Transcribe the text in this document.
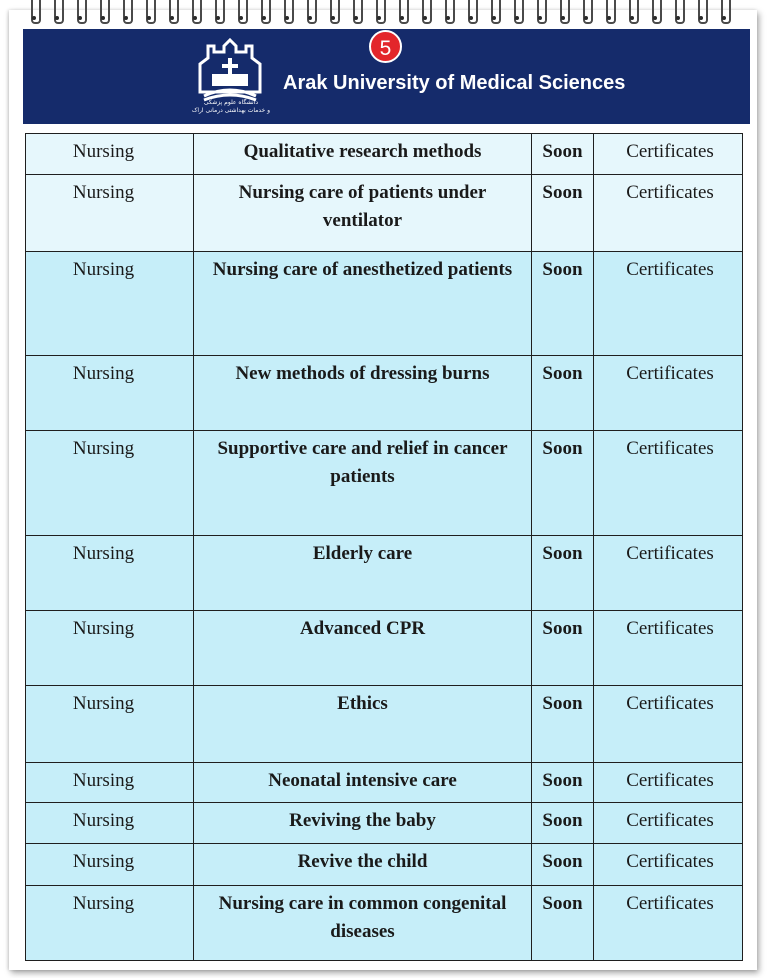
دانشگاه علوم پزشکی
و خدمات بهداشتی درمانی اراک
5
Arak University of Medical Sciences
Nursing	Qualitative research methods	Soon	Certificates
Nursing	Nursing care of patients under ventilator	Soon	Certificates
Nursing	Nursing care of anesthetized patients	Soon	Certificates
Nursing	New methods of dressing burns	Soon	Certificates
Nursing	Supportive care and relief in cancer patients	Soon	Certificates
Nursing	Elderly care	Soon	Certificates
Nursing	Advanced CPR	Soon	Certificates
Nursing	Ethics	Soon	Certificates
Nursing	Neonatal intensive care	Soon	Certificates
Nursing	Reviving the baby	Soon	Certificates
Nursing	Revive the child	Soon	Certificates
Nursing	Nursing care in common congenital diseases	Soon	Certificates
